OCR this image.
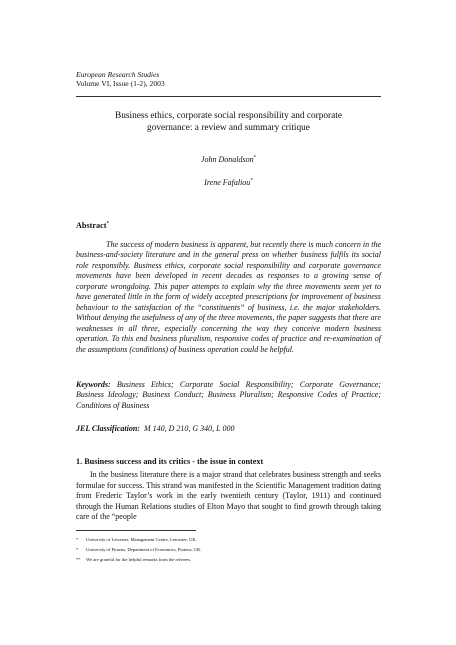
European Research Studies
Volume VI, Issue (1-2), 2003
Business ethics, corporate social responsibility and corporate
governance: a review and summary critique
John Donaldson*
Irene Fafaliou*
Abstract*

The success of modern business is apparent, but recently there is much concern in the business-and-society literature and in the general press on whether business fulfils its social role responsibly. Business ethics, corporate social responsibility and corporate governance movements have been developed in recent decades as responses to a growing sense of corporate wrongdoing. This paper attempts to explain why the three movements seem yet to have generated little in the form of widely accepted prescriptions for improvement of business behaviour to the satisfaction of the “constituents” of business, i.e. the major stakeholders. Without denying the usefulness of any of the three movements, the paper suggests that there are weaknesses in all three, especially concerning the way they conceive modern business operation. To this end business pluralism, responsive codes of practice and re-examination of the assumptions (conditions) of business operation could be helpful.

Keywords: Business Ethics; Corporate Social Responsibility; Corporate Governance; Business Ideology; Business Conduct; Business Pluralism; Responsive Codes of Practice; Conditions of Business

JEL Classification: M 140, D 210, G 340, L 000
1. Business success and its critics - the issue in context

In the business literature there is a major strand that celebrates business strength and seeks formulae for success. This strand was manifested in the Scientific Management tradition dating from Frederic Taylor’s work in the early twentieth century (Taylor, 1911) and continued through the Human Relations studies of Elton Mayo that sought to find growth through taking care of the “people

* University of Leicester, Management Centre, Leicester, UK.
* University of Piraeus, Department of Economics, Piraeus, GR.
** We are grateful for the helpful remarks from the referees.
